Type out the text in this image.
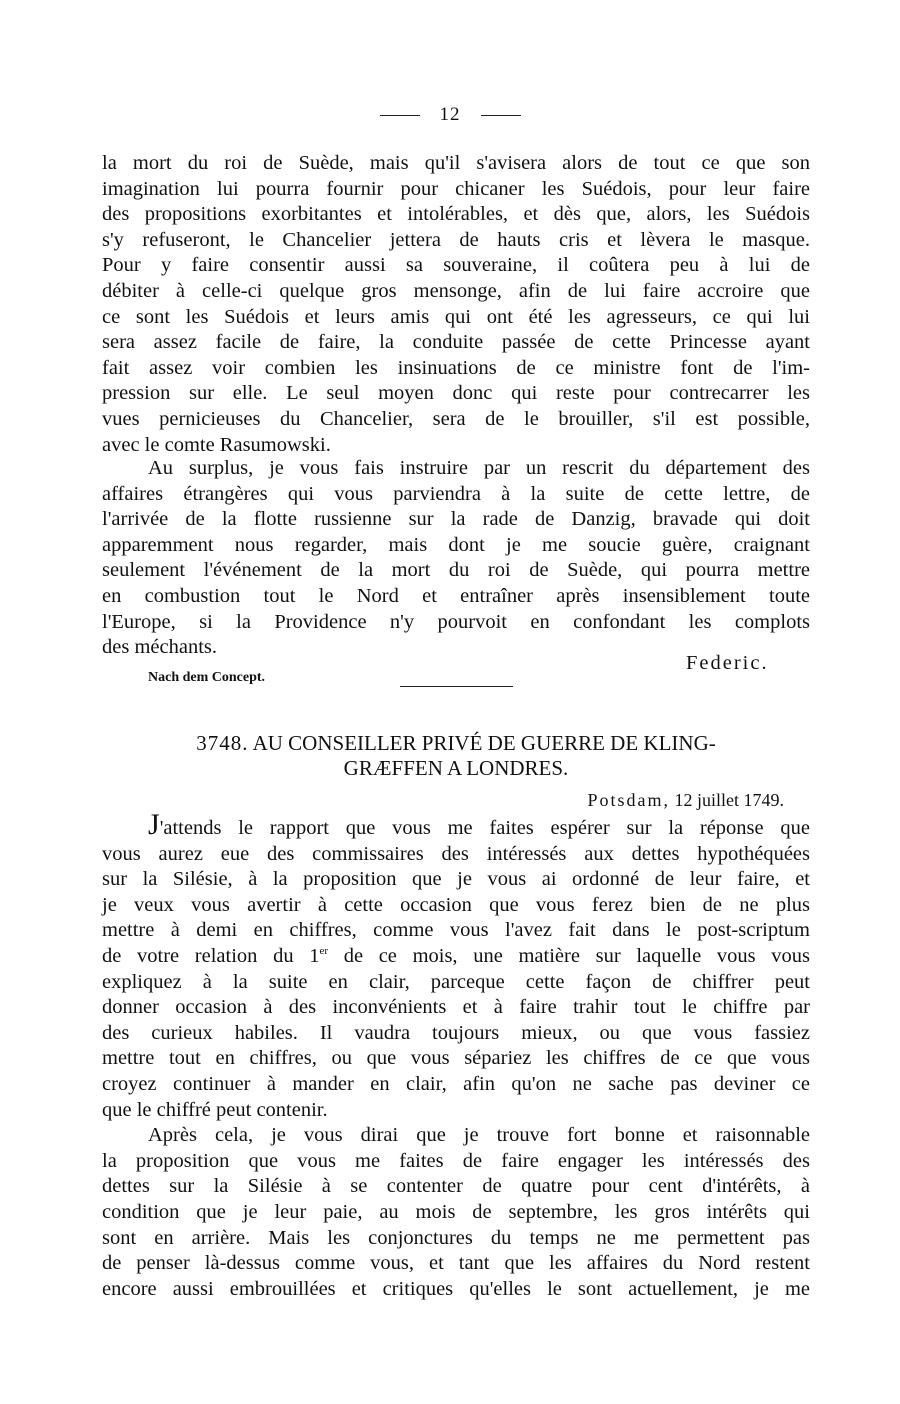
12
la mort du roi de Suède, mais qu'il s'avisera alors de tout ce que son
imagination lui pourra fournir pour chicaner les Suédois, pour leur faire
des propositions exorbitantes et intolérables, et dès que, alors, les Suédois
s'y refuseront, le Chancelier jettera de hauts cris et lèvera le masque.
Pour y faire consentir aussi sa souveraine, il coûtera peu à lui de
débiter à celle-ci quelque gros mensonge, afin de lui faire accroire que
ce sont les Suédois et leurs amis qui ont été les agresseurs, ce qui lui
sera assez facile de faire, la conduite passée de cette Princesse ayant
fait assez voir combien les insinuations de ce ministre font de l'im-
pression sur elle. Le seul moyen donc qui reste pour contrecarrer les
vues pernicieuses du Chancelier, sera de le brouiller, s'il est possible,
avec le comte Rasumowski.
Au surplus, je vous fais instruire par un rescrit du département des
affaires étrangères qui vous parviendra à la suite de cette lettre, de
l'arrivée de la flotte russienne sur la rade de Danzig, bravade qui doit
apparemment nous regarder, mais dont je me soucie guère, craignant
seulement l'événement de la mort du roi de Suède, qui pourra mettre
en combustion tout le Nord et entraîner après insensiblement toute
l'Europe, si la Providence n'y pourvoit en confondant les complots
des méchants.
Federic.
Nach dem Concept.
3748. AU CONSEILLER PRIVÉ DE GUERRE DE KLING-
GRÆFFEN A LONDRES.
Potsdam, 12 juillet 1749.
J'attends le rapport que vous me faites espérer sur la réponse que
vous aurez eue des commissaires des intéressés aux dettes hypothéquées
sur la Silésie, à la proposition que je vous ai ordonné de leur faire, et
je veux vous avertir à cette occasion que vous ferez bien de ne plus
mettre à demi en chiffres, comme vous l'avez fait dans le post-scriptum
de votre relation du 1er de ce mois, une matière sur laquelle vous vous
expliquez à la suite en clair, parceque cette façon de chiffrer peut
donner occasion à des inconvénients et à faire trahir tout le chiffre par
des curieux habiles. Il vaudra toujours mieux, ou que vous fassiez
mettre tout en chiffres, ou que vous sépariez les chiffres de ce que vous
croyez continuer à mander en clair, afin qu'on ne sache pas deviner ce
que le chiffré peut contenir.
Après cela, je vous dirai que je trouve fort bonne et raisonnable
la proposition que vous me faites de faire engager les intéressés des
dettes sur la Silésie à se contenter de quatre pour cent d'intérêts, à
condition que je leur paie, au mois de septembre, les gros intérêts qui
sont en arrière. Mais les conjonctures du temps ne me permettent pas
de penser là-dessus comme vous, et tant que les affaires du Nord restent
encore aussi embrouillées et critiques qu'elles le sont actuellement, je me
